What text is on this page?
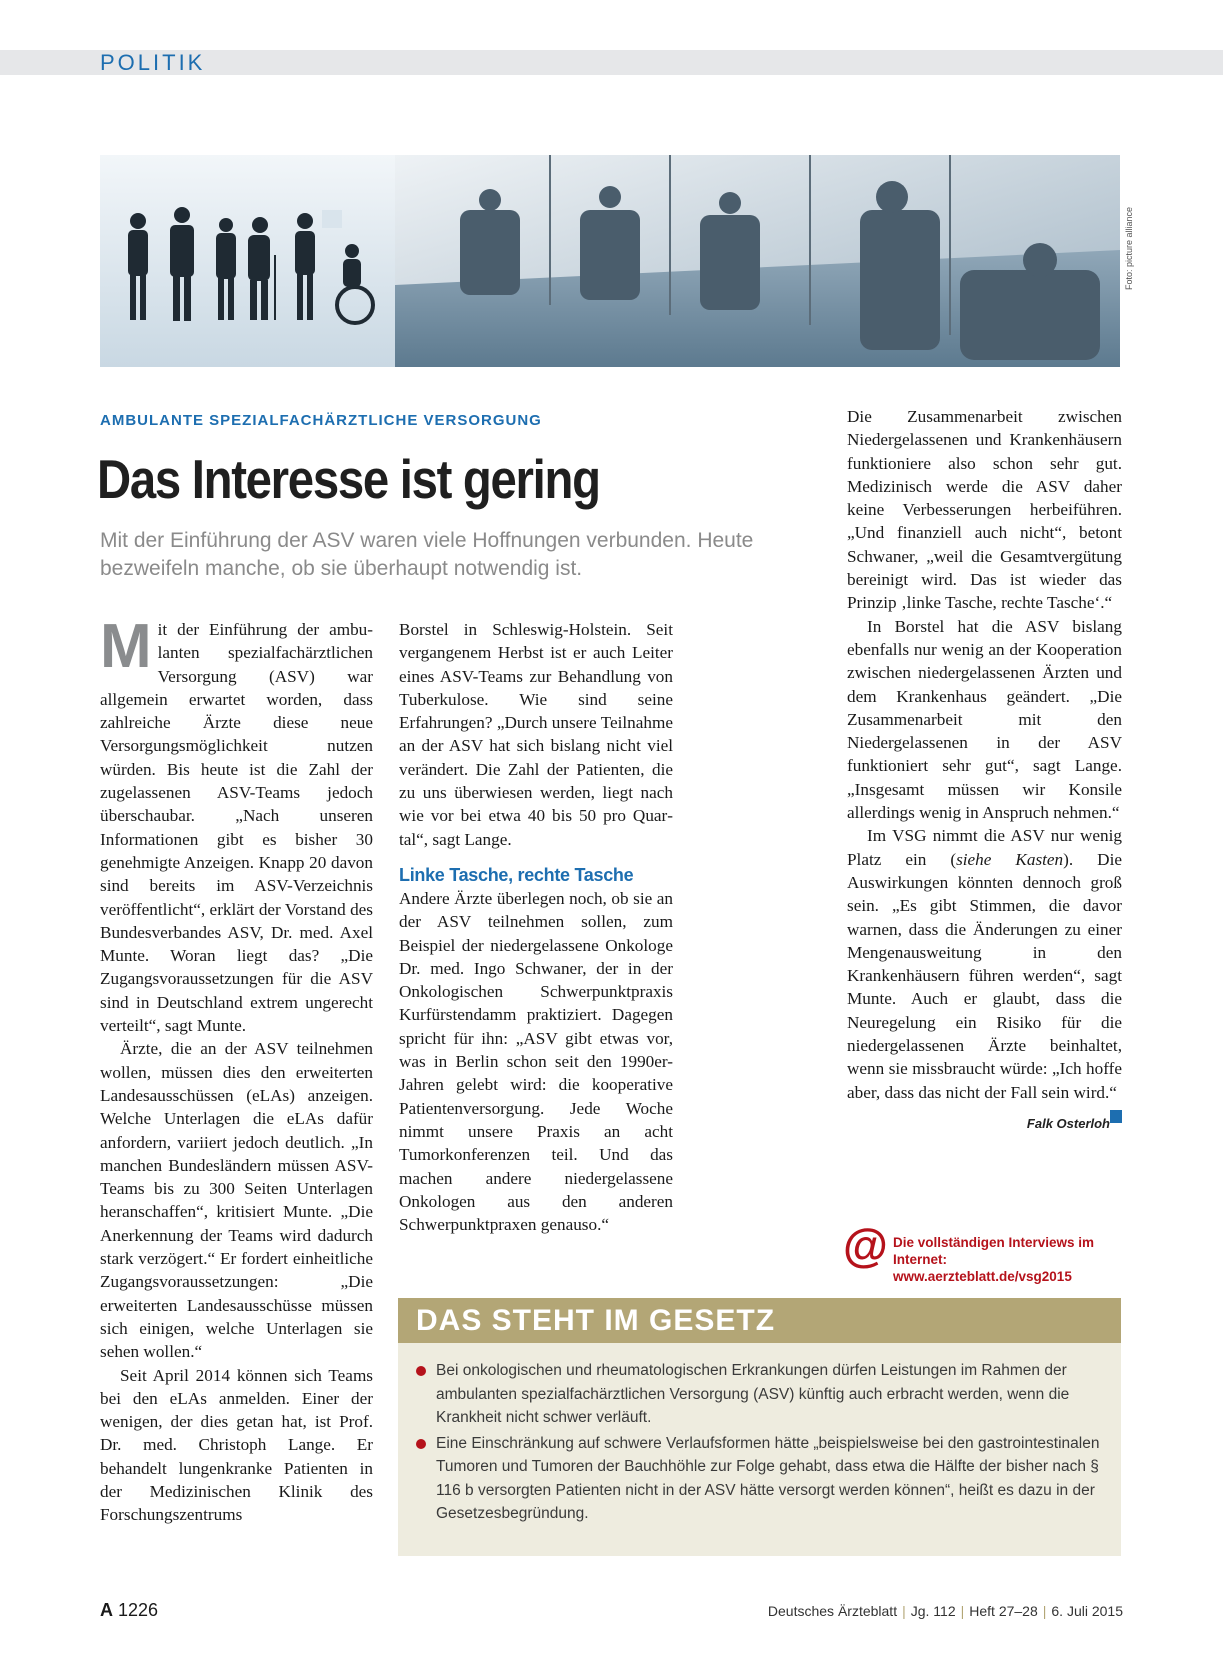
POLITIK
Foto: picture alliance
AMBULANTE SPEZIALFACHÄRZTLICHE VERSORGUNG
Das Interesse ist gering
Mit der Einführung der ASV waren viele Hoffnungen verbunden. Heute bezweifeln manche, ob sie überhaupt notwendig ist.

Mit der Einführung der ambulanten spezialfachärztlichen Versorgung (ASV) war allgemein erwartet worden, dass zahlreiche Ärzte diese neue Versorgungsmöglichkeit nutzen würden. Bis heute ist die Zahl der zugelassenen ASV-Teams jedoch überschaubar. „Nach unseren Informationen gibt es bisher 30 genehmigte Anzeigen. Knapp 20 davon sind bereits im ASV-Verzeichnis veröffentlicht“, erklärt der Vorstand des Bundesverbandes ASV, Dr. med. Axel Munte. Woran liegt das? „Die Zugangsvoraussetzungen für die ASV sind in Deutschland extrem ungerecht verteilt“, sagt Munte.

Ärzte, die an der ASV teilnehmen wollen, müssen dies den erweiterten Landesausschüssen (eLAs) anzeigen. Welche Unterlagen die eLAs dafür anfordern, variiert jedoch deutlich. „In manchen Bundesländern müssen ASV-Teams bis zu 300 Seiten Unterlagen heranschaffen“, kritisiert Munte. „Die Anerkennung der Teams wird dadurch stark verzögert.“ Er fordert einheitliche Zugangsvoraussetzungen: „Die erweiterten Landesausschüsse müssen sich einigen, welche Unterlagen sie sehen wollen.“

Seit April 2014 können sich Teams bei den eLAs anmelden. Einer der wenigen, der dies getan hat, ist Prof. Dr. med. Christoph Lange. Er behandelt lungenkranke Patienten in der Medizinischen Klinik des Forschungszentrums

Borstel in Schleswig-Holstein. Seit vergangenem Herbst ist er auch Leiter eines ASV-Teams zur Behandlung von Tuberkulose. Wie sind seine Erfahrungen? „Durch unsere Teilnahme an der ASV hat sich bislang nicht viel verändert. Die Zahl der Patienten, die zu uns überwiesen werden, liegt nach wie vor bei etwa 40 bis 50 pro Quartal“, sagt Lange.

Linke Tasche, rechte Tasche

Andere Ärzte überlegen noch, ob sie an der ASV teilnehmen sollen, zum Beispiel der niedergelassene Onkologe Dr. med. Ingo Schwaner, der in der Onkologischen Schwerpunktpraxis Kurfürstendamm praktiziert. Dagegen spricht für ihn: „ASV gibt etwas vor, was in Berlin schon seit den 1990er-Jahren gelebt wird: die kooperative Patientenversorgung. Jede Woche nimmt unsere Praxis an acht Tumorkonferenzen teil. Und das machen andere niedergelassene Onkologen aus den anderen Schwerpunktpraxen genauso.“

Die Zusammenarbeit zwischen Niedergelassenen und Krankenhäusern funktioniere also schon sehr gut. Medizinisch werde die ASV daher keine Verbesserungen herbeiführen. „Und finanziell auch nicht“, betont Schwaner, „weil die Gesamtvergütung bereinigt wird. Das ist wieder das Prinzip ‚linke Tasche, rechte Tasche‘.“

In Borstel hat die ASV bislang ebenfalls nur wenig an der Kooperation zwischen niedergelassenen Ärzten und dem Krankenhaus geändert. „Die Zusammenarbeit mit den Niedergelassenen in der ASV funktioniert sehr gut“, sagt Lange. „Insgesamt müssen wir Konsile allerdings wenig in Anspruch nehmen.“

Im VSG nimmt die ASV nur wenig Platz ein (siehe Kasten). Die Auswirkungen könnten dennoch groß sein. „Es gibt Stimmen, die davor warnen, dass die Änderungen zu einer Mengenausweitung in den Krankenhäusern führen werden“, sagt Munte. Auch er glaubt, dass die Neuregelung ein Risiko für die niedergelassenen Ärzte beinhaltet, wenn sie missbraucht würde: „Ich hoffe aber, dass das nicht der Fall sein wird.“

Falk Osterloh
@ Die vollständigen Interviews im Internet: www.aerzteblatt.de/vsg2015
DAS STEHT IM GESETZ
Bei onkologischen und rheumatologischen Erkrankungen dürfen Leistungen im Rahmen der ambulanten spezialfachärztlichen Versorgung (ASV) künftig auch erbracht werden, wenn die Krankheit nicht schwer verläuft.
Eine Einschränkung auf schwere Verlaufsformen hätte „beispielsweise bei den gastrointestinalen Tumoren und Tumoren der Bauchhöhle zur Folge gehabt, dass etwa die Hälfte der bisher nach § 116 b versorgten Patienten nicht in der ASV hätte versorgt werden können“, heißt es dazu in der Gesetzesbegründung.
A 1226	Deutsches Ärzteblatt | Jg. 112 | Heft 27–28 | 6. Juli 2015
